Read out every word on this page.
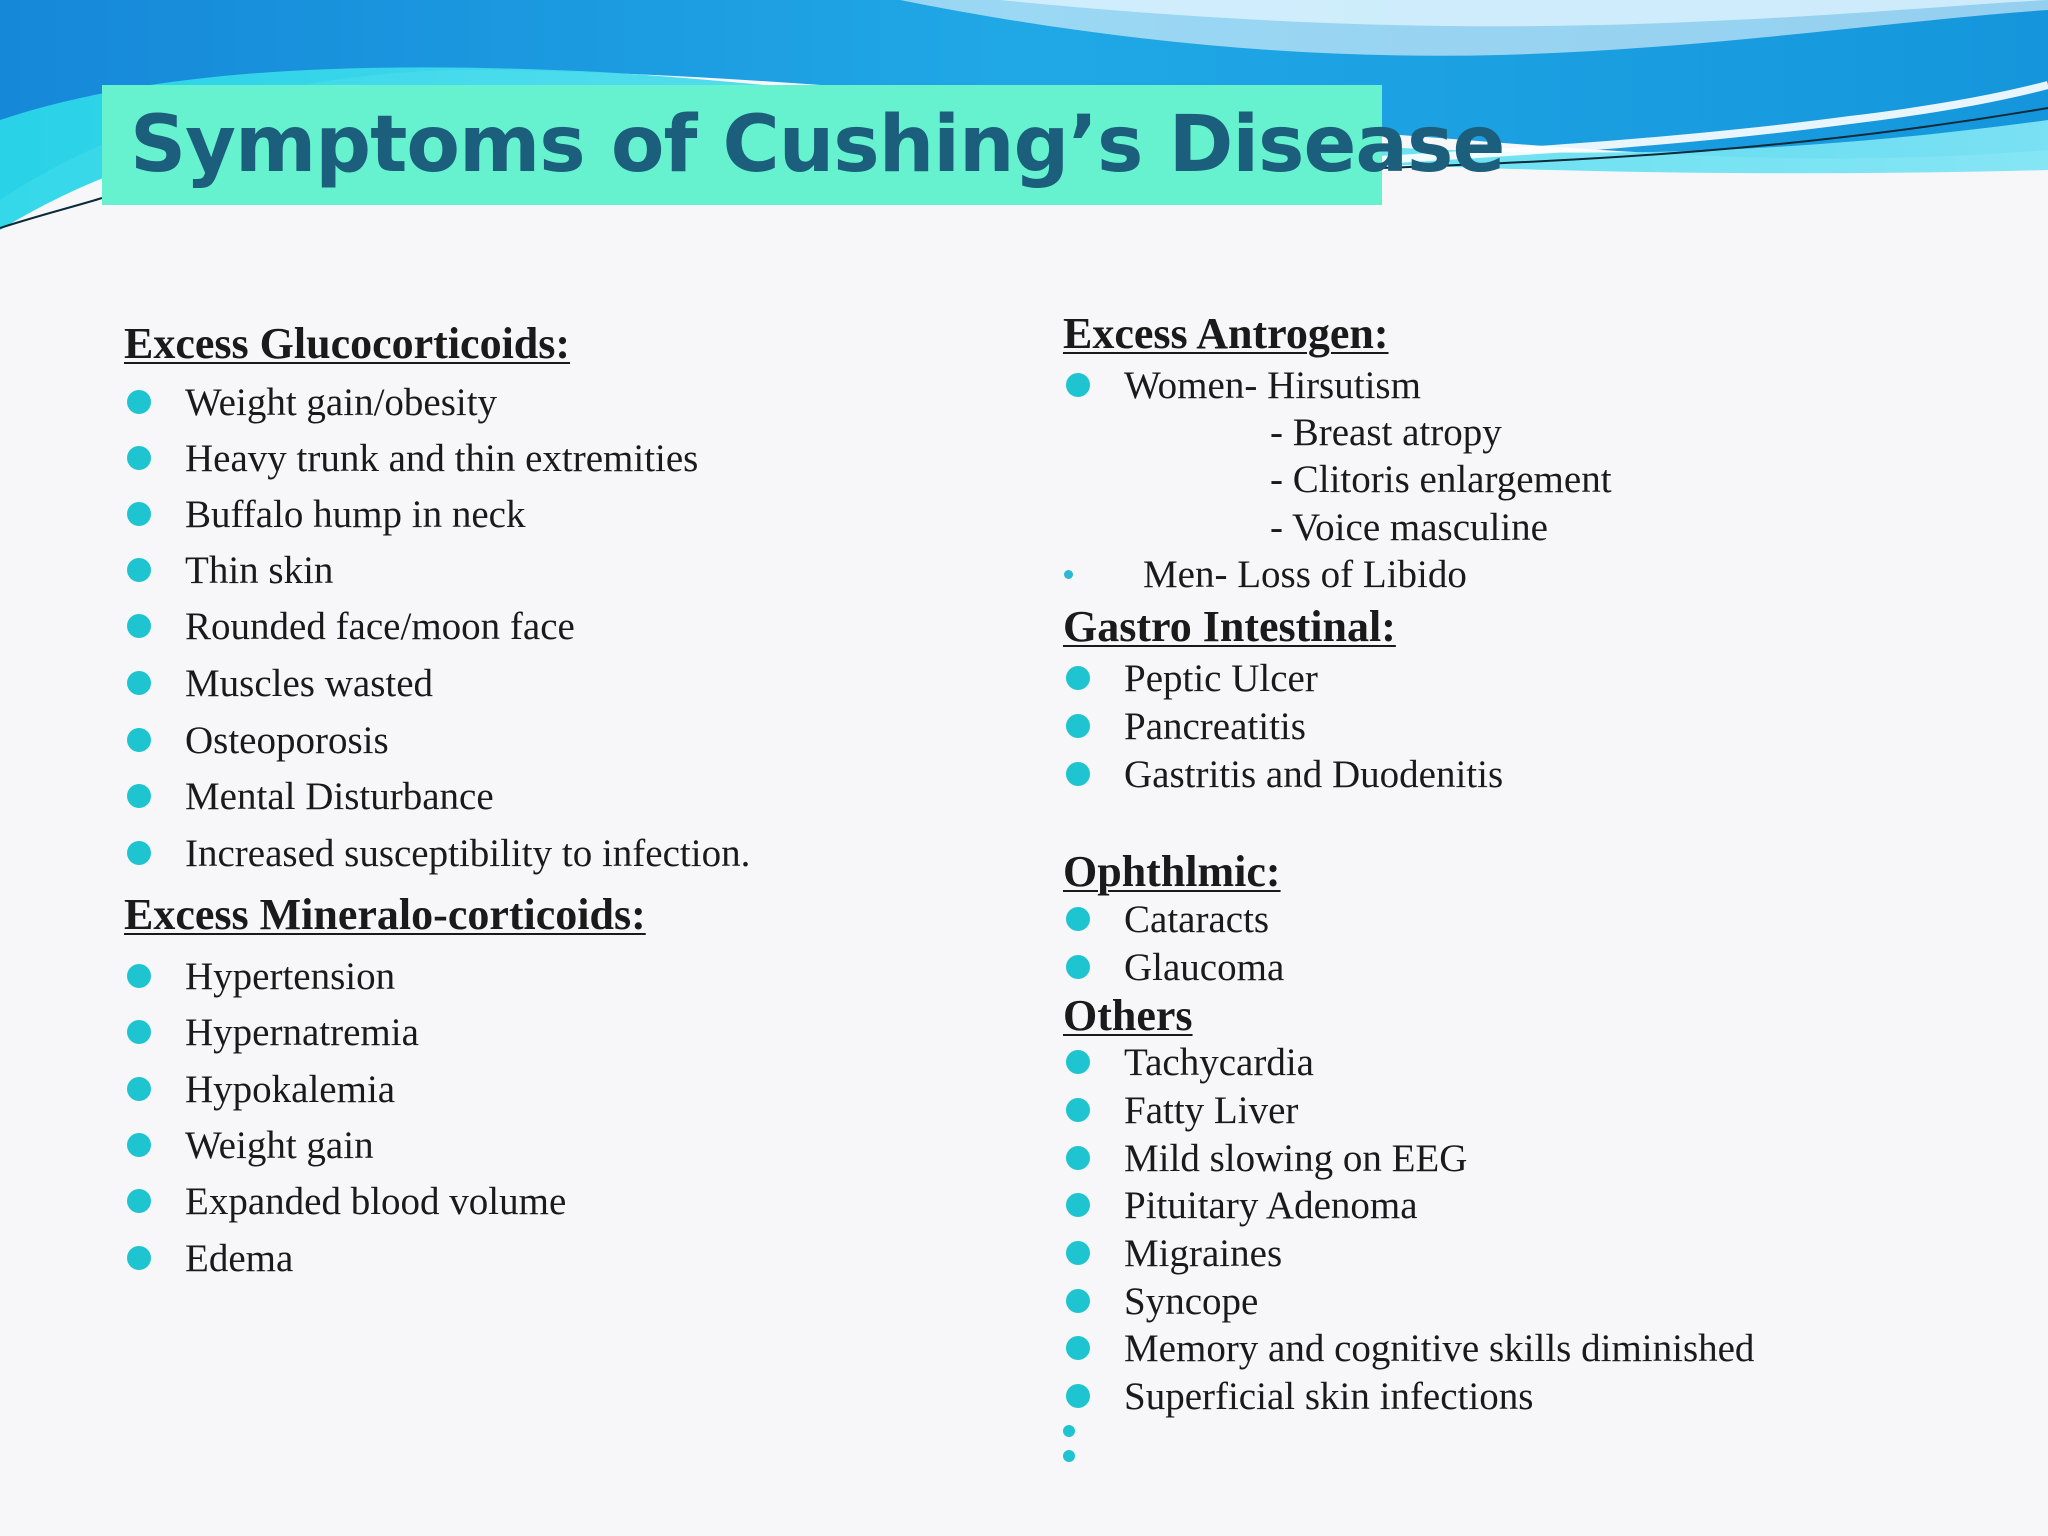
Symptoms of Cushing’s Disease
Excess Glucocorticoids:
Weight gain/obesity
Heavy trunk and thin extremities
Buffalo hump in neck
Thin skin
Rounded face/moon face
Muscles wasted
Osteoporosis
Mental Disturbance
Increased susceptibility to infection.
Excess Mineralo-corticoids:
Hypertension
Hypernatremia
Hypokalemia
Weight gain
Expanded blood volume
Edema
Excess Antrogen:
Women- Hirsutism
- Breast atropy
- Clitoris enlargement
- Voice masculine
Men- Loss of Libido
Gastro Intestinal:
Peptic Ulcer
Pancreatitis
Gastritis and Duodenitis
Ophthlmic:
Cataracts
Glaucoma
Others
Tachycardia
Fatty Liver
Mild slowing on EEG
Pituitary Adenoma
Migraines
Syncope
Memory and cognitive skills diminished
Superficial skin infections
